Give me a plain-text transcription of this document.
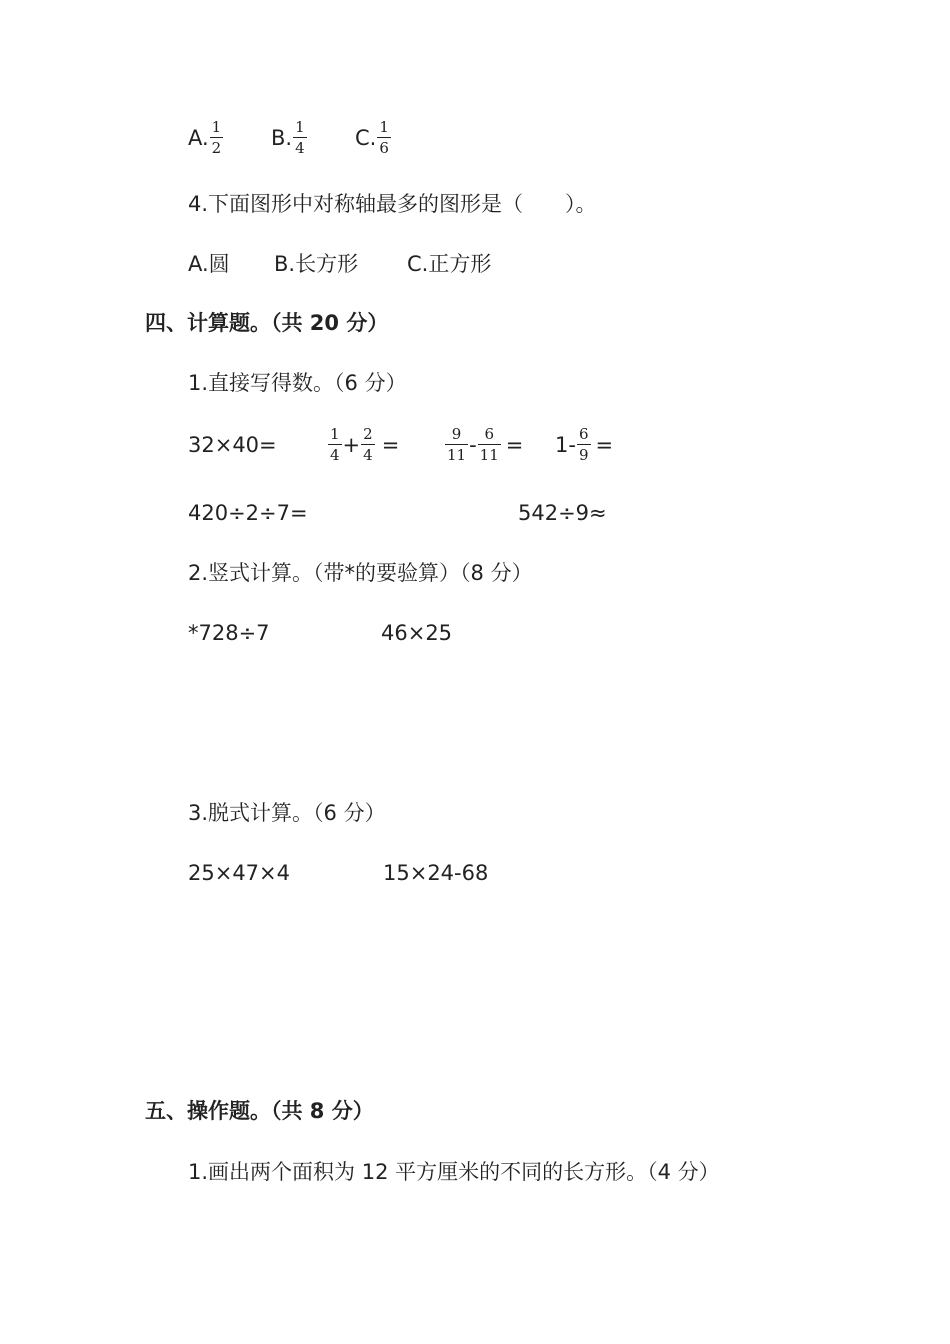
A. $\frac{1}{2} B$. $\frac{1}{4} C$. $\frac{1}{6}$
4.下面图形中对称轴最多的图形是（　　）。
A.圆 B.长方形 C.正方形
四、计算题。（共 20 分）
1.直接写得数。（6 分）
32×40=	$\frac{1}{4} + \frac{2}{4}$ =	$\frac{9}{11} - \frac{6}{11} = 1- \frac{6}{9}$ =
420÷2÷7=	542÷9≈
2.竖式计算。（带*的要验算）（8 分）
*728÷7	46×25
3.脱式计算。（6 分）
25×47×4	15×24-68
五、操作题。（共 8 分）
1.画出两个面积为 12 平方厘米的不同的长方形。（4 分）
